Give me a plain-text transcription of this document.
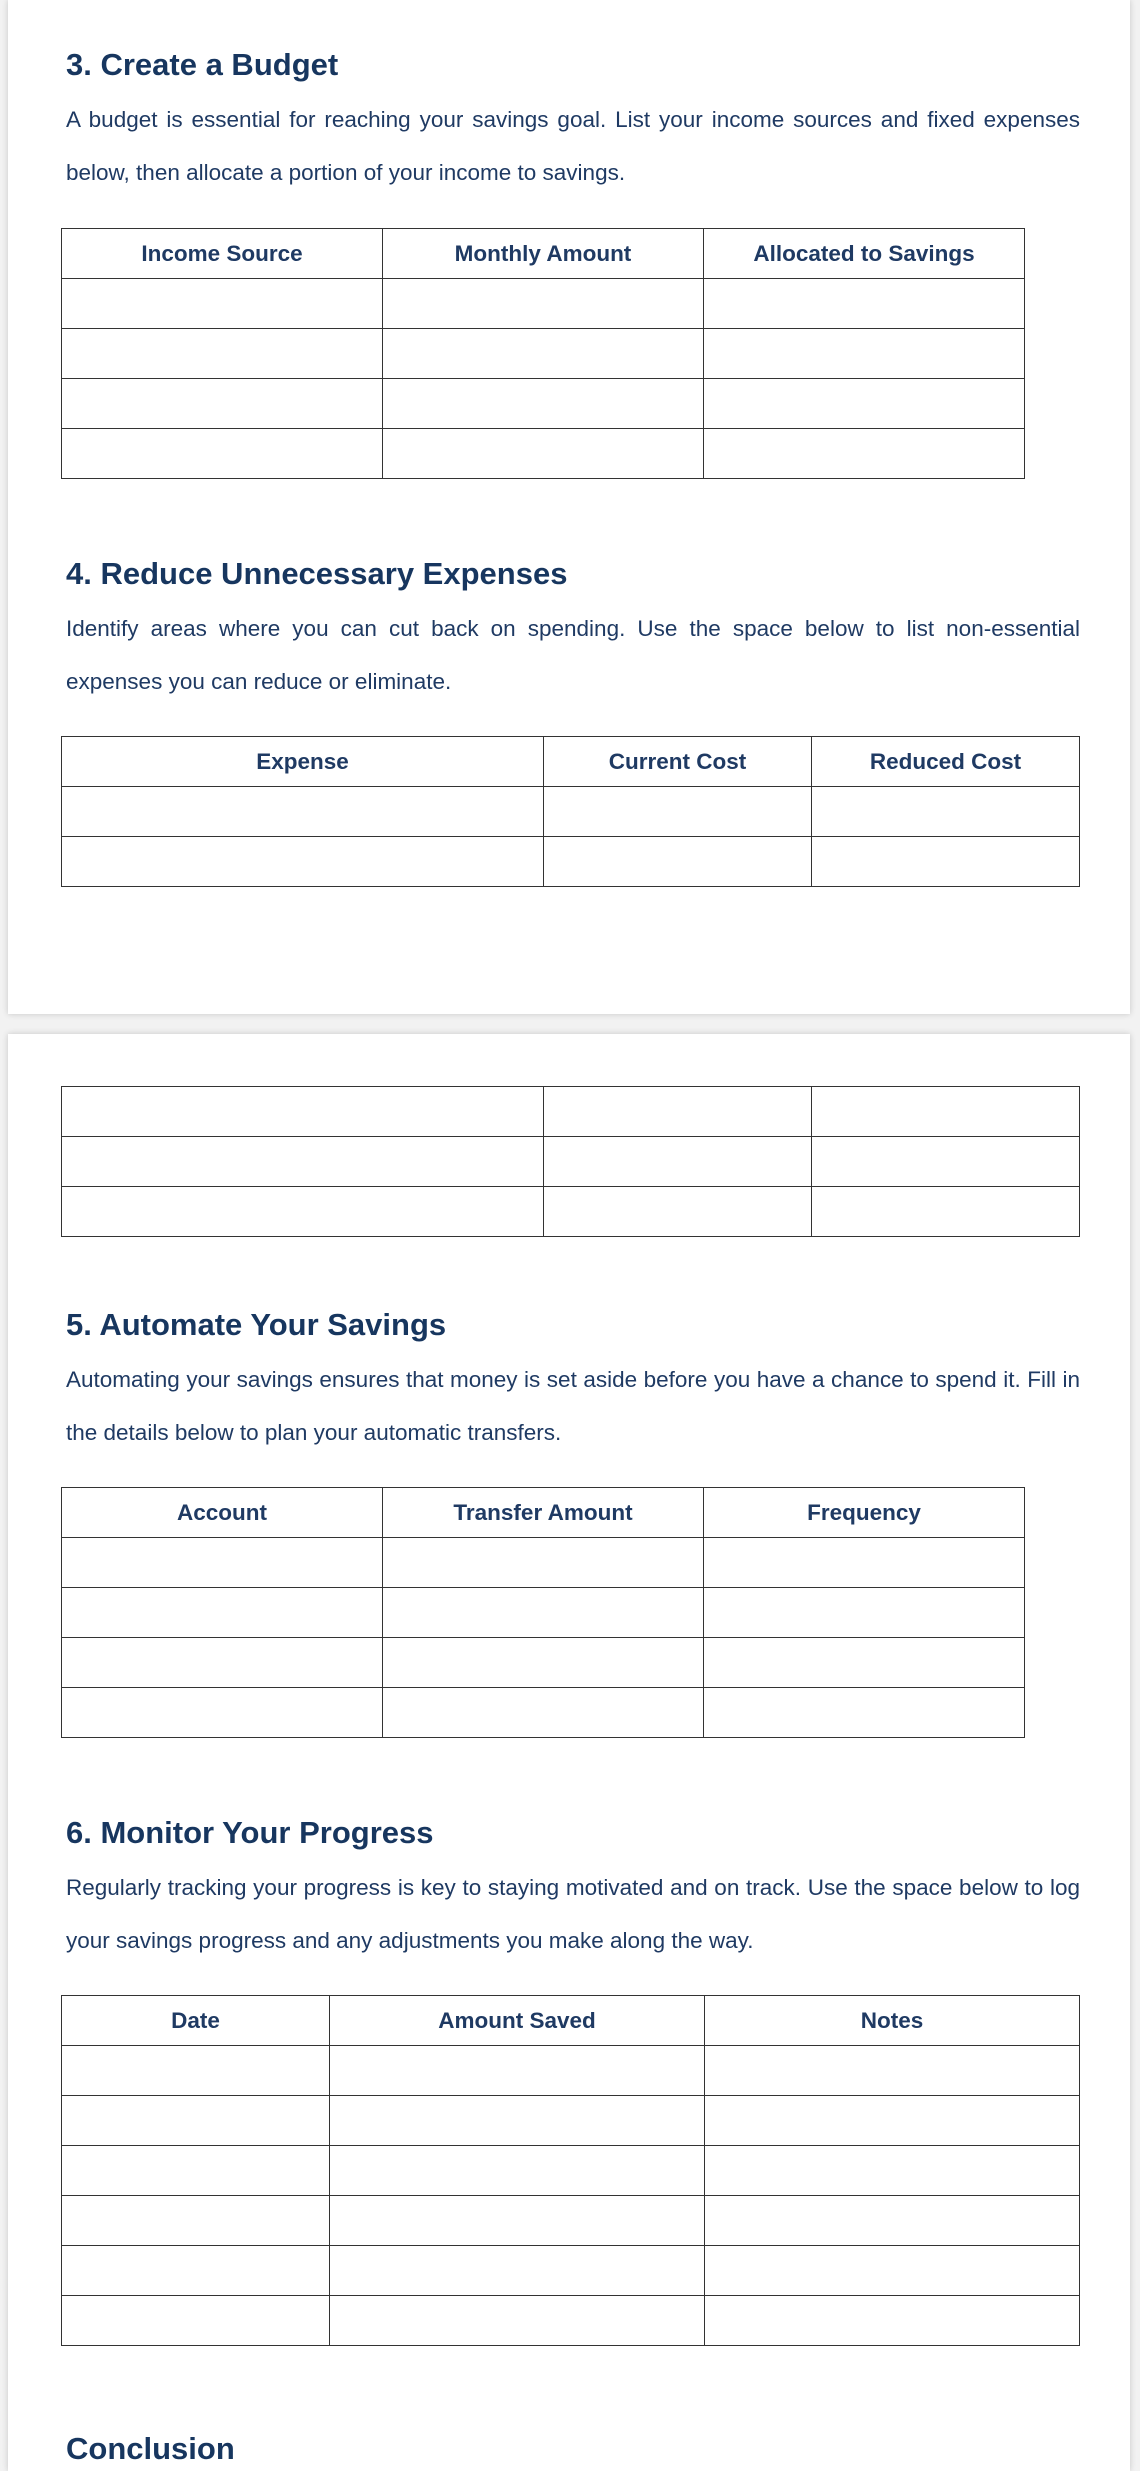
3. Create a Budget

A budget is essential for reaching your savings goal. List your income sources and fixed expenses below, then allocate a portion of your income to savings.

Income Source	Monthly Amount	Allocated to Savings

4. Reduce Unnecessary Expenses

Identify areas where you can cut back on spending. Use the space below to list non-essential expenses you can reduce or eliminate.

Expense	Current Cost	Reduced Cost

5. Automate Your Savings

Automating your savings ensures that money is set aside before you have a chance to spend it. Fill in the details below to plan your automatic transfers.

Account	Transfer Amount	Frequency

6. Monitor Your Progress

Regularly tracking your progress is key to staying motivated and on track. Use the space below to log your savings progress and any adjustments you make along the way.

Date	Amount Saved	Notes

Conclusion
